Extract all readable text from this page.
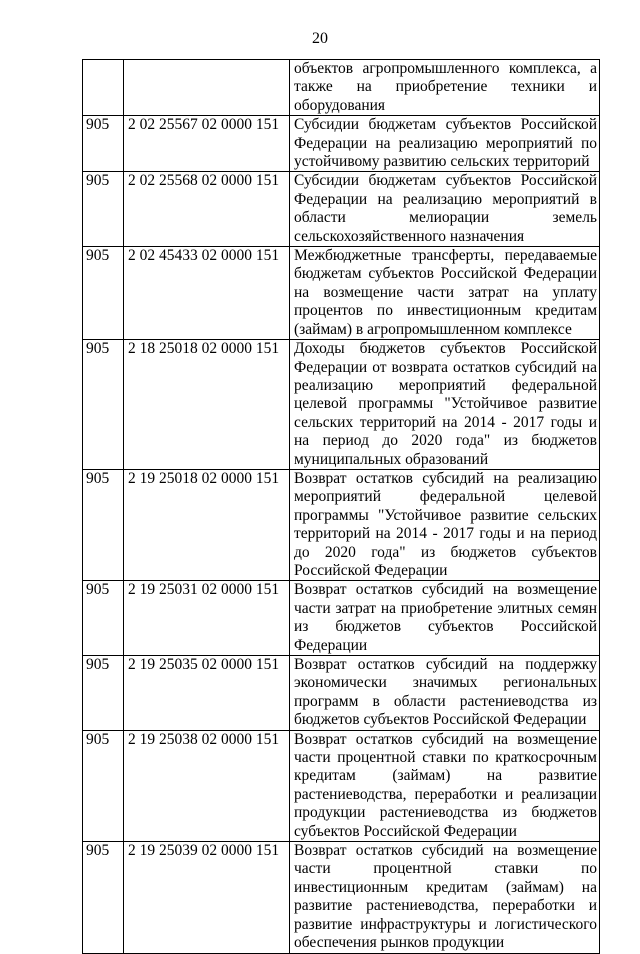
20
		объектов агропромышленного комплекса, а также на приобретение техники и оборудования
905	2 02 25567 02 0000 151	Субсидии бюджетам субъектов Российской Федерации на реализацию мероприятий по устойчивому развитию сельских территорий
905	2 02 25568 02 0000 151	Субсидии бюджетам субъектов Российской Федерации на реализацию мероприятий в области мелиорации земель сельскохозяйственного назначения
905	2 02 45433 02 0000 151	Межбюджетные трансферты, передаваемые бюджетам субъектов Российской Федерации на возмещение части затрат на уплату процентов по инвестиционным кредитам (займам) в агропромышленном комплексе
905	2 18 25018 02 0000 151	Доходы бюджетов субъектов Российской Федерации от возврата остатков субсидий на реализацию мероприятий федеральной целевой программы "Устойчивое развитие сельских территорий на 2014 - 2017 годы и на период до 2020 года" из бюджетов муниципальных образований
905	2 19 25018 02 0000 151	Возврат остатков субсидий на реализацию мероприятий федеральной целевой программы "Устойчивое развитие сельских территорий на 2014 - 2017 годы и на период до 2020 года" из бюджетов субъектов Российской Федерации
905	2 19 25031 02 0000 151	Возврат остатков субсидий на возмещение части затрат на приобретение элитных семян из бюджетов субъектов Российской Федерации
905	2 19 25035 02 0000 151	Возврат остатков субсидий на поддержку экономически значимых региональных программ в области растениеводства из бюджетов субъектов Российской Федерации
905	2 19 25038 02 0000 151	Возврат остатков субсидий на возмещение части процентной ставки по краткосрочным кредитам (займам) на развитие растениеводства, переработки и реализации продукции растениеводства из бюджетов субъектов Российской Федерации
905	2 19 25039 02 0000 151	Возврат остатков субсидий на возмещение части процентной ставки по инвестиционным кредитам (займам) на развитие растениеводства, переработки и развитие инфраструктуры и логистического обеспечения рынков продукции
